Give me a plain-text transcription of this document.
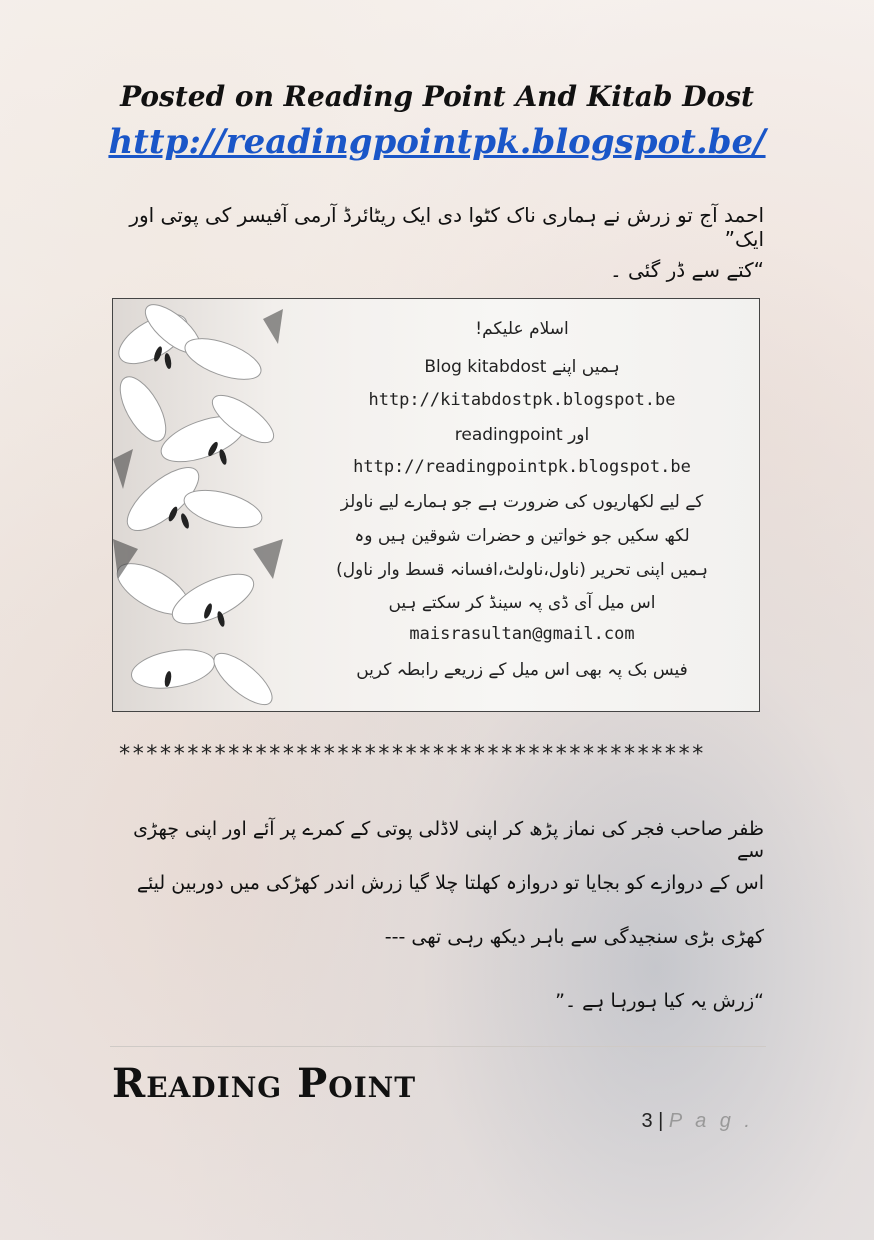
Posted on Reading Point And Kitab Dost
http://readingpointpk.blogspot.be/
احمد آج تو زرش نے ہماری ناک کٹوا دی ایک ریٹائرڈ آرمی آفیسر کی پوتی اور ایک”
“کتے سے ڈر گئی ۔
اسلام علیکم!
ہمیں اپنے Blog kitabdost
http://kitabdostpk.blogspot.be
اور readingpoint
http://readingpointpk.blogspot.be
کے لیے لکھاریوں کی ضرورت ہے جو ہمارے لیے ناولز
لکھ سکیں جو خواتین و حضرات شوقین ہیں وہ
ہمیں اپنی تحریر (ناول،ناولٹ،افسانہ قسط وار ناول)
اس میل آی ڈی پہ سینڈ کر سکتے ہیں
maisrasultan@gmail.com
فیس بک پہ بھی اس میل کے زریعے رابطہ کریں
*******************************************
ظفر صاحب فجر کی نماز پڑھ کر اپنی لاڈلی پوتی کے کمرے پر آئے اور اپنی چھڑی سے
اس کے دروازے کو بجایا تو دروازہ کھلتا چلا گیا زرش اندر کھڑکی میں دوربین لیئے
کھڑی بڑی سنجیدگی سے باہر دیکھ رہی تھی ---
“زرش یہ کیا ہورہا ہے ۔”
Reading Point
3 | P a g .
